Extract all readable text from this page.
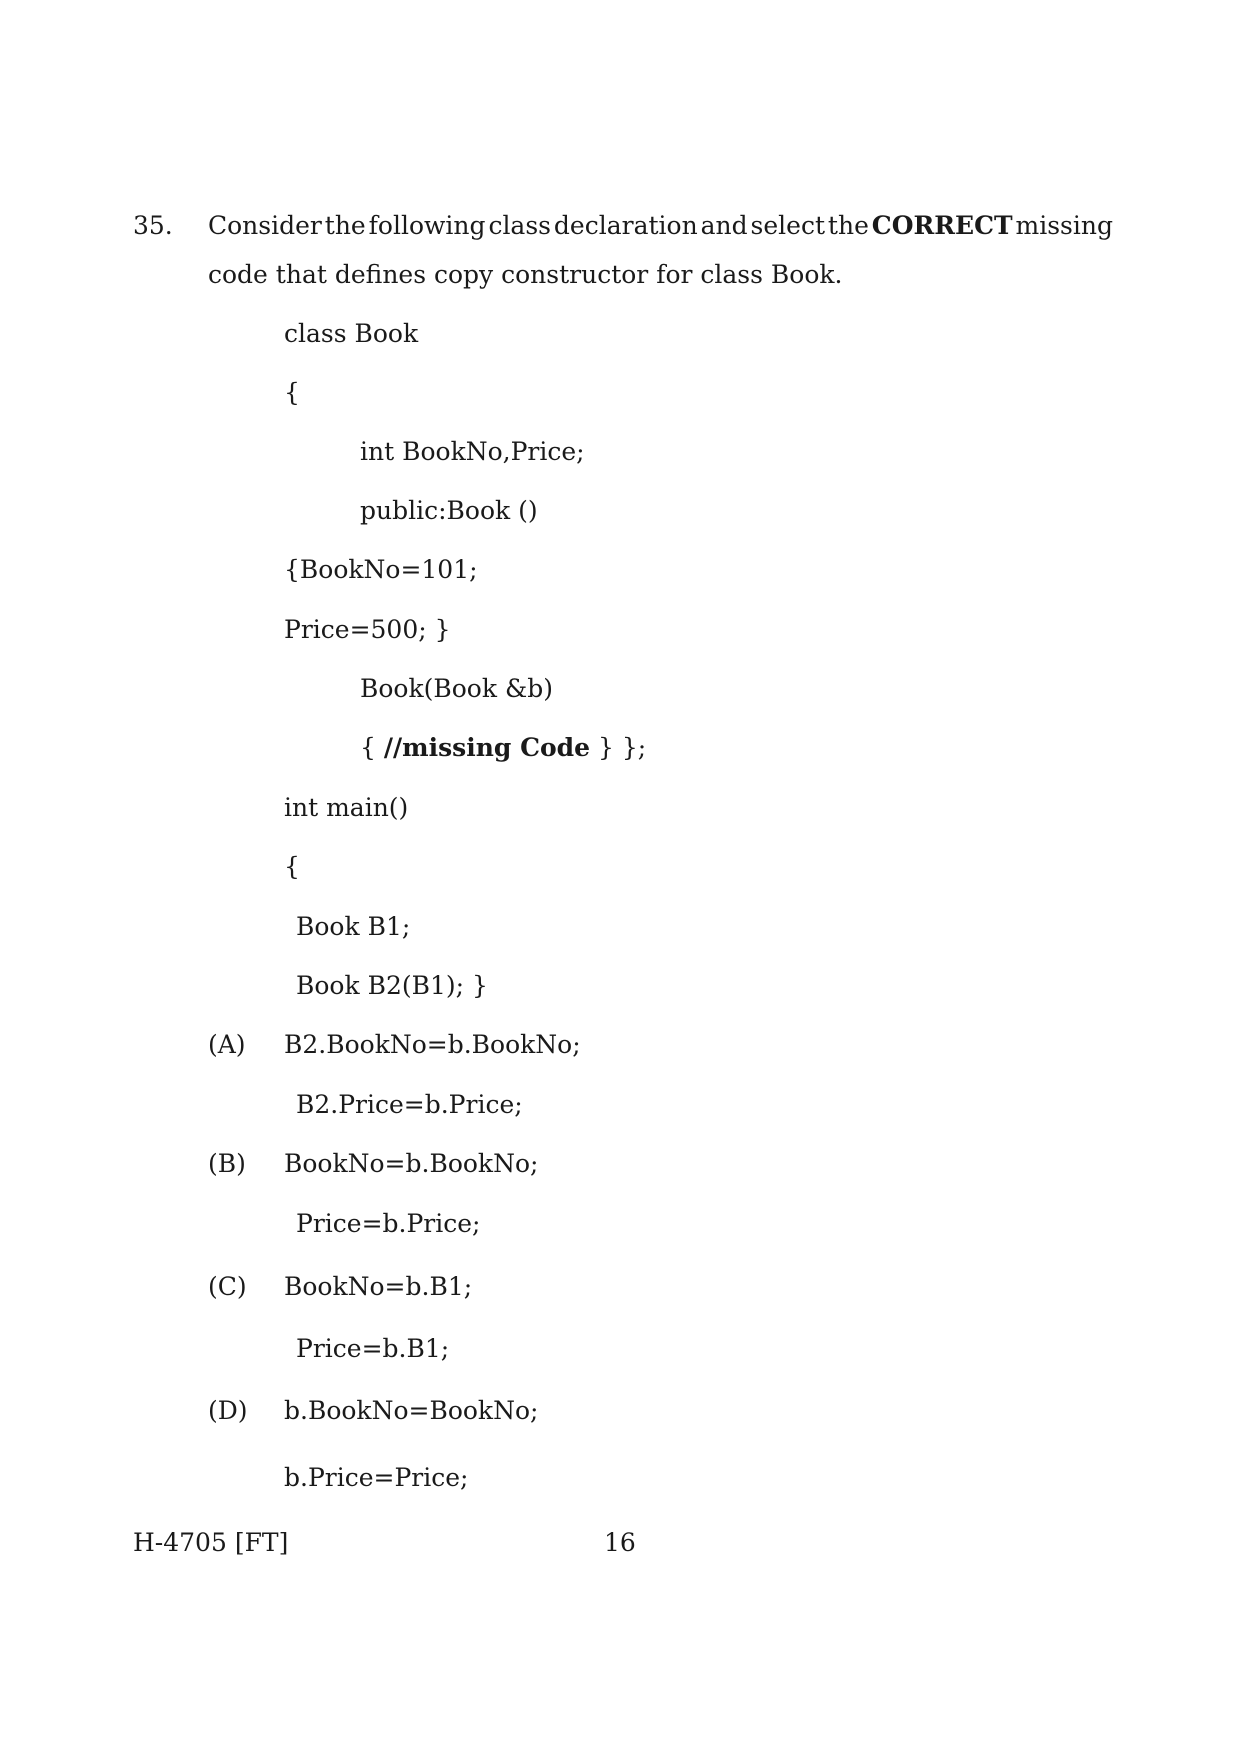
35. Consider the following class declaration and select the CORRECT missing
code that defines copy constructor for class Book.
class Book
{
int BookNo,Price;
public:Book ()
{BookNo=101;
Price=500; }
Book(Book &b)
{ //missing Code } };
int main()
{
Book B1;
Book B2(B1); }
(A) B2.BookNo=b.BookNo;
B2.Price=b.Price;
(B) BookNo=b.BookNo;
Price=b.Price;
(C) BookNo=b.B1;
Price=b.B1;
(D) b.BookNo=BookNo;
b.Price=Price;
H-4705 [FT]	16
